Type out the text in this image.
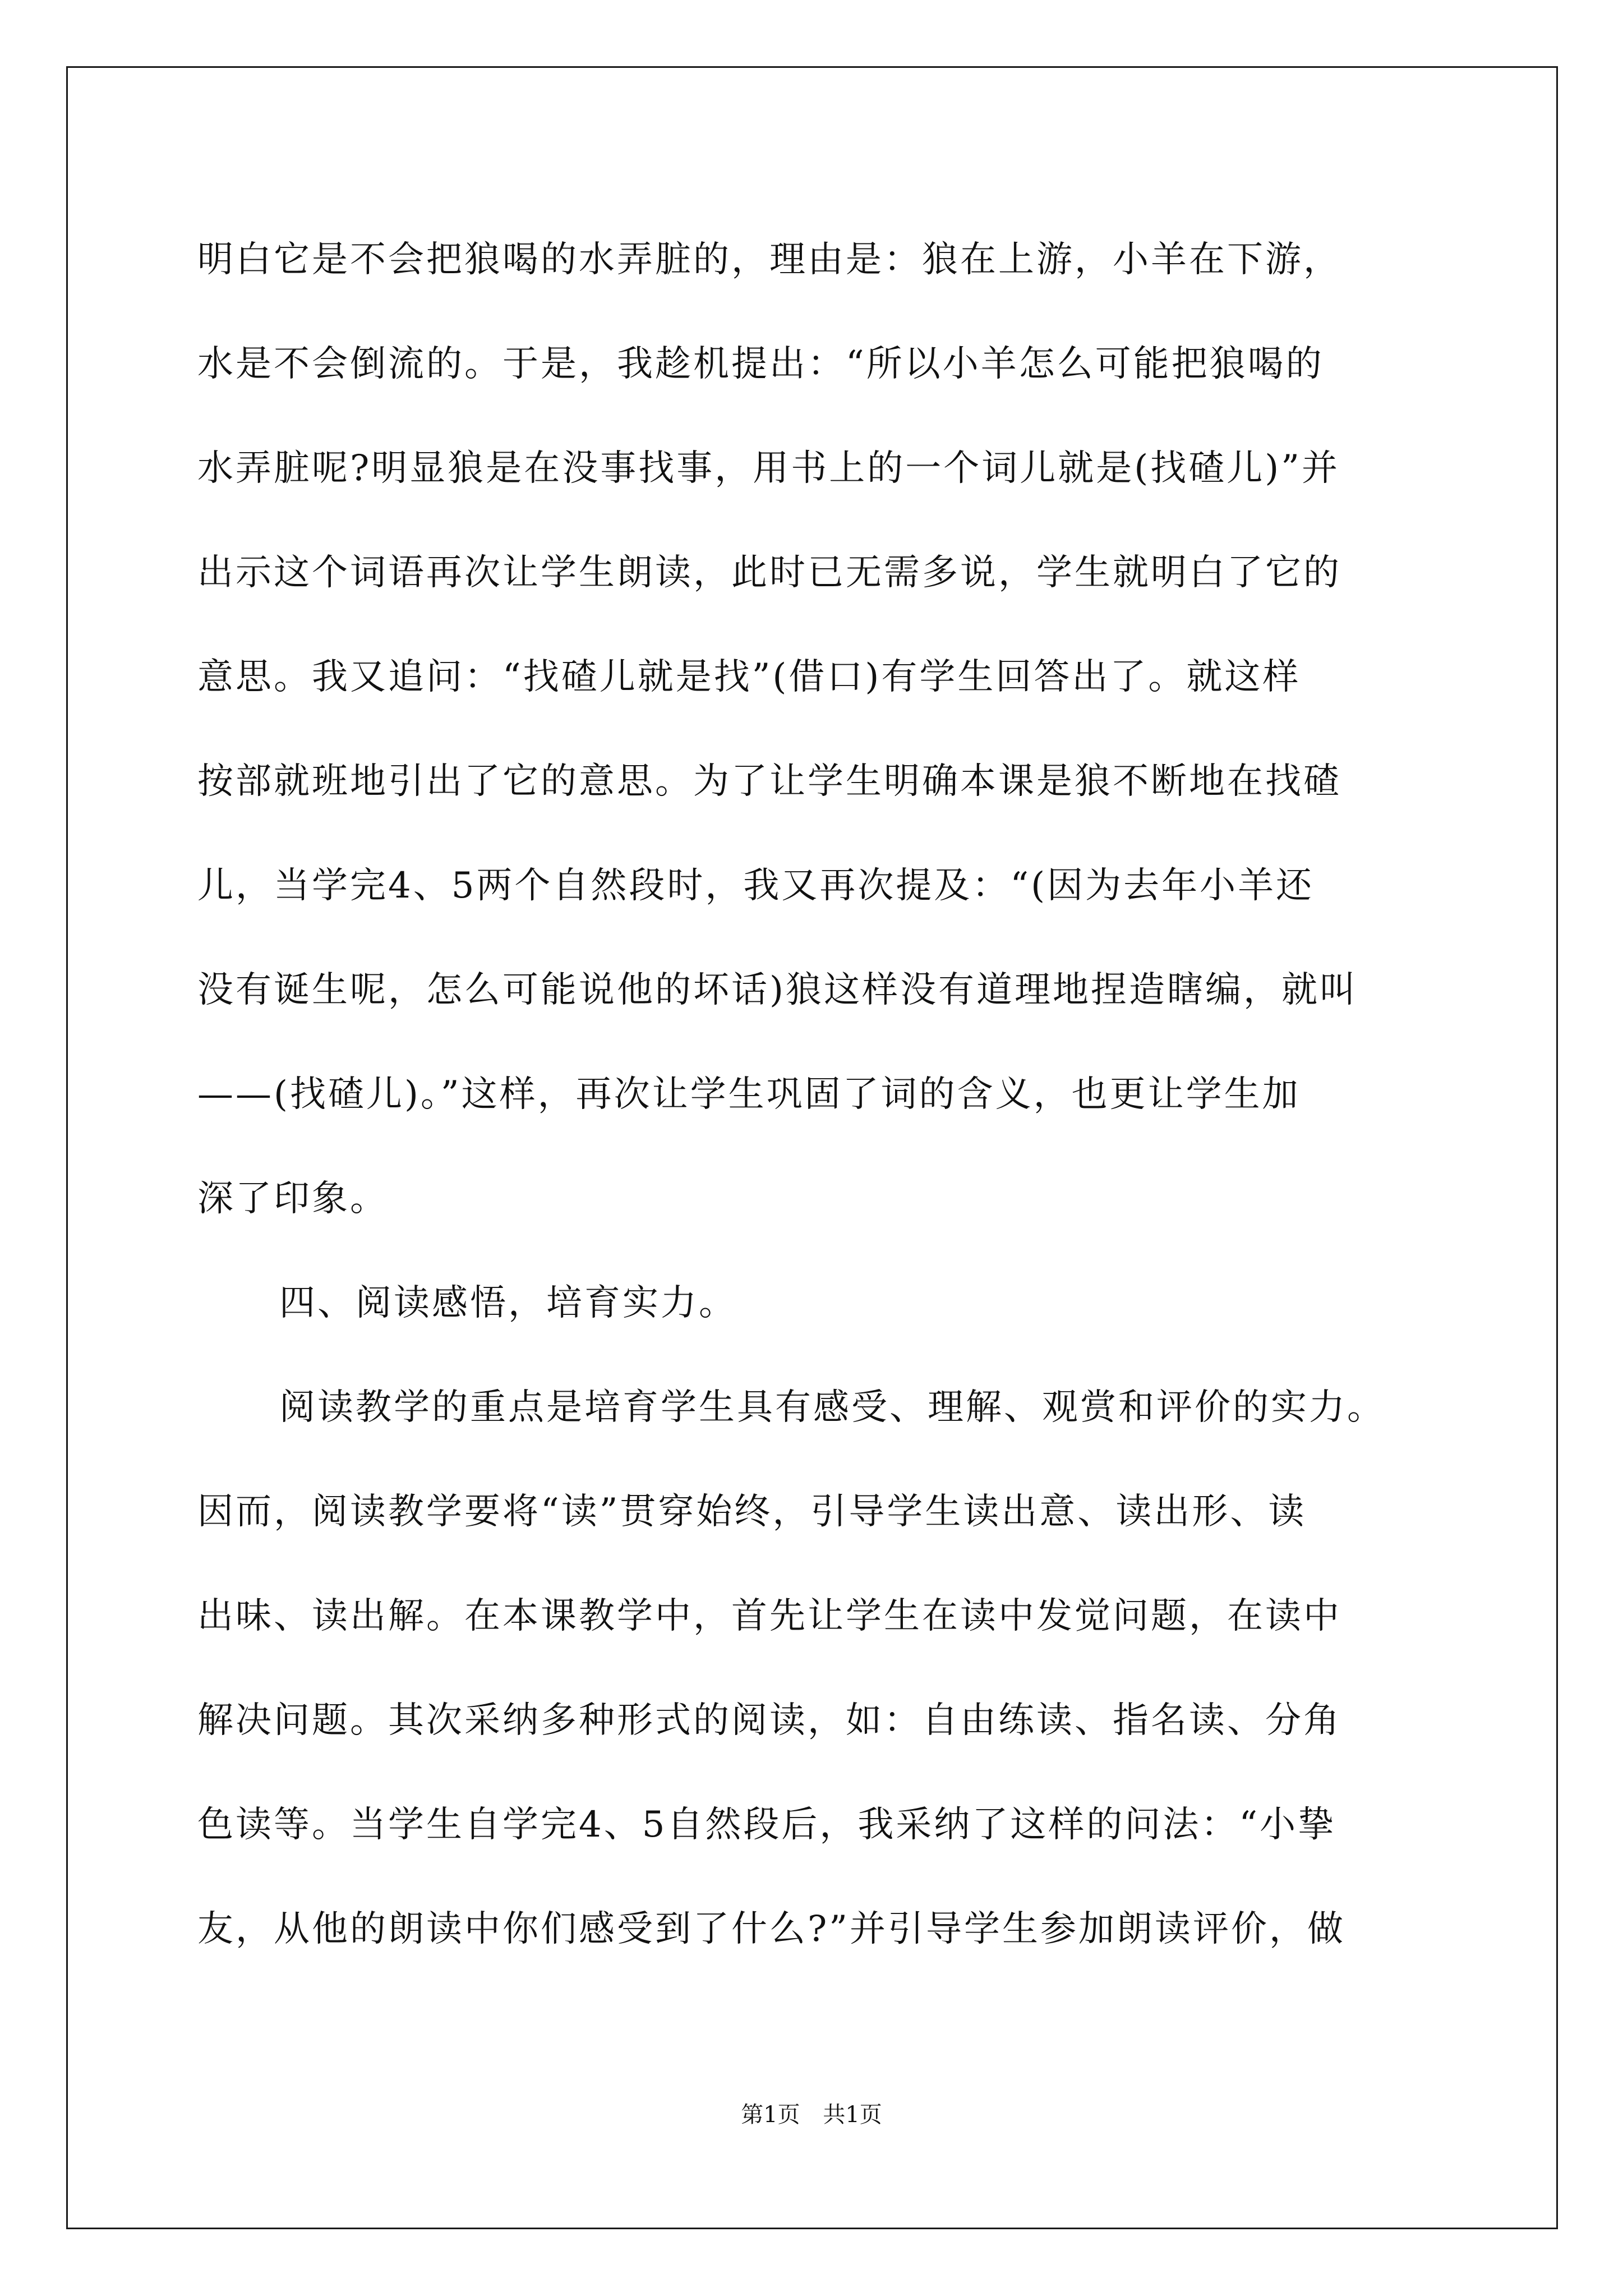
明白它是不会把狼喝的水弄脏的，理由是：狼在上游，小羊在下游，
水是不会倒流的。于是，我趁机提出：“所以小羊怎么可能把狼喝的
水弄脏呢?明显狼是在没事找事，用书上的一个词儿就是(找碴儿)”并
出示这个词语再次让学生朗读，此时已无需多说，学生就明白了它的
意思。我又追问：“找碴儿就是找”(借口)有学生回答出了。就这样
按部就班地引出了它的意思。为了让学生明确本课是狼不断地在找碴
儿，当学完4、5两个自然段时，我又再次提及：“(因为去年小羊还
没有诞生呢，怎么可能说他的坏话)狼这样没有道理地捏造瞎编，就叫
——(找碴儿)。”这样，再次让学生巩固了词的含义，也更让学生加
深了印象。
四、阅读感悟，培育实力。
阅读教学的重点是培育学生具有感受、理解、观赏和评价的实力。
因而，阅读教学要将“读”贯穿始终，引导学生读出意、读出形、读
出味、读出解。在本课教学中，首先让学生在读中发觉问题，在读中
解决问题。其次采纳多种形式的阅读，如：自由练读、指名读、分角
色读等。当学生自学完4、5自然段后，我采纳了这样的问法：“小挚
友，从他的朗读中你们感受到了什么?”并引导学生参加朗读评价，做
第1页 共1页
